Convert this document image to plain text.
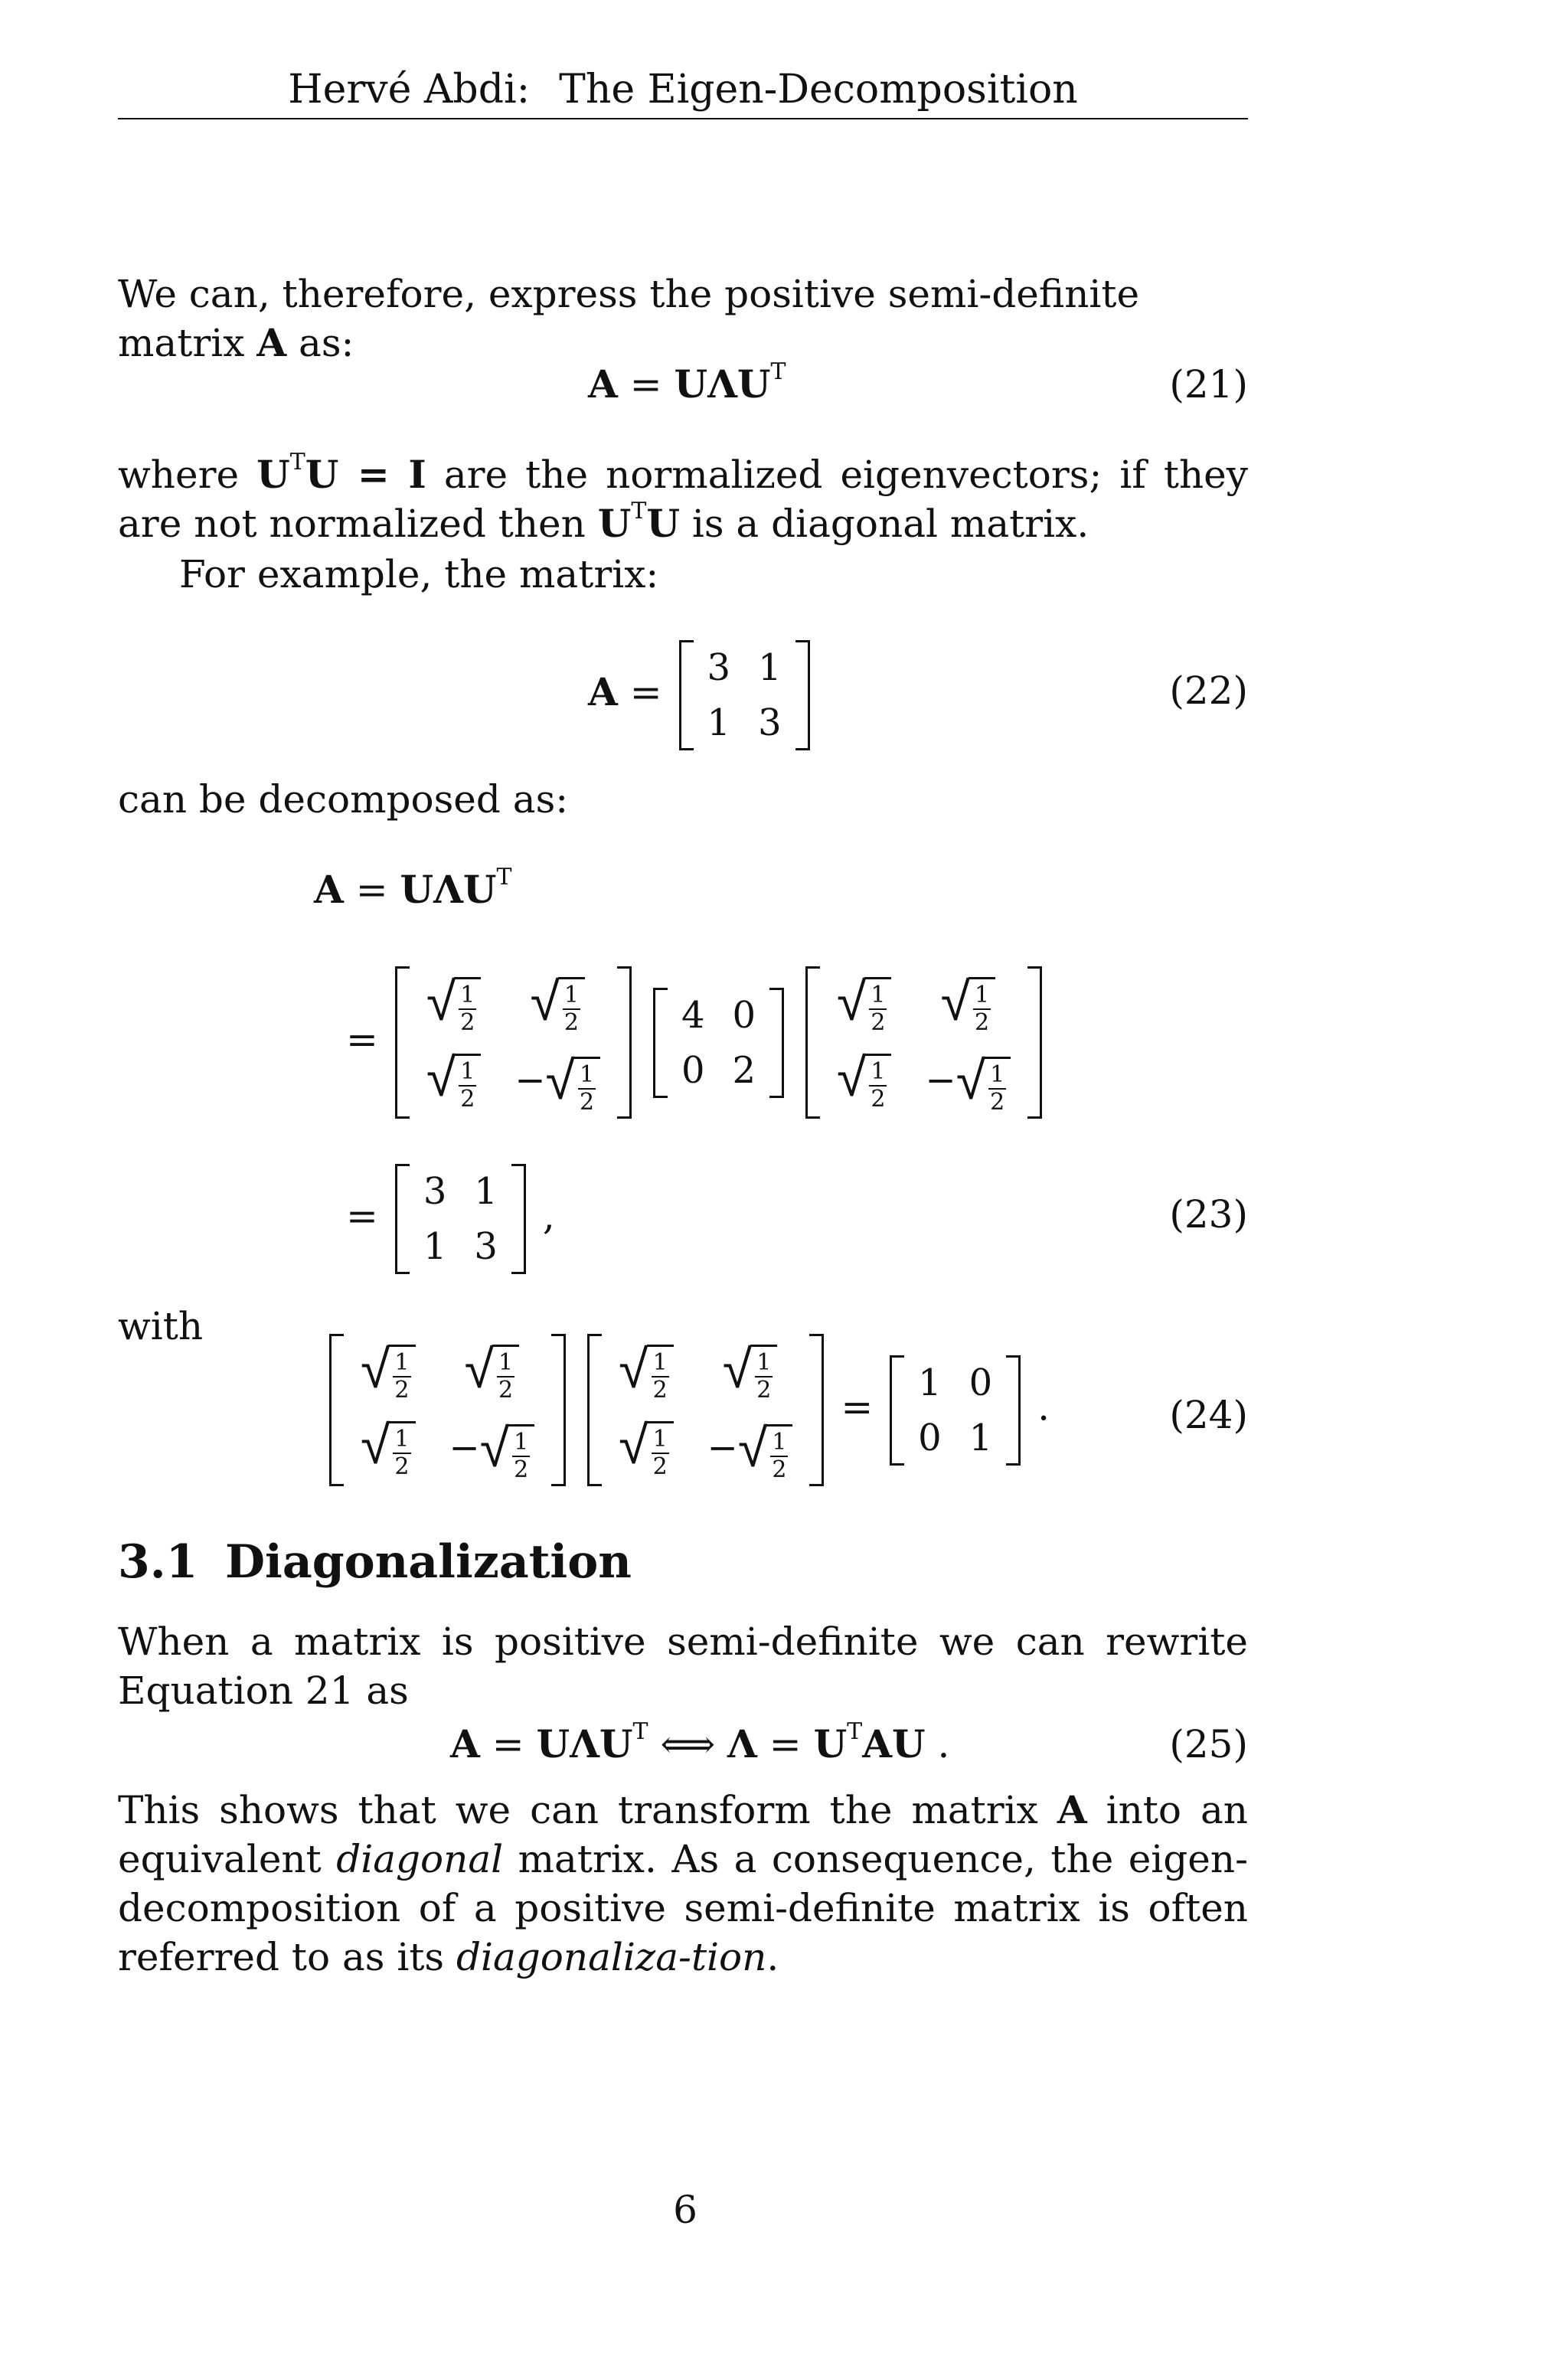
Hervé Abdi: The Eigen-Decomposition
We can, therefore, express the positive semi-definite matrix A as:
$A = U\Lambda U^T$	(21)
where $U^TU = I$ are the normalized eigenvectors; if they are not normalized then $U^TU$ is a diagonal matrix.
For example, the matrix:
A =
3	1
1	3
(22)
can be decomposed as:
$A = U\Lambda U^T$
=
√
$\frac{1}{2}$	√
$\frac{1}{2}$

√
$\frac{1}{2}$	− √
$\frac{1}{2}$

4	0
0	2

√
$\frac{1}{2}$	√
$\frac{1}{2}$

√
$\frac{1}{2}$	− √
$\frac{1}{2}$
=
3	1
1	3
,	(23)
with
√
$\frac{1}{2}$	√
$\frac{1}{2}$

√
$\frac{1}{2}$	− √
$\frac{1}{2}$

√
$\frac{1}{2}$	√
$\frac{1}{2}$

√
$\frac{1}{2}$	− √
$\frac{1}{2}$
=
1	0
0	1
.	(24)
3.1 Diagonalization
When a matrix is positive semi-definite we can rewrite Equation 21 as
$A = U\Lambda U^T$ ⟺ $\Lambda = U^TAU$ .	(25)
This shows that we can transform the matrix A into an equivalent diagonal matrix. As a consequence, the eigen-decomposition of a positive semi-definite matrix is often referred to as its diagonaliza-tion.
6
